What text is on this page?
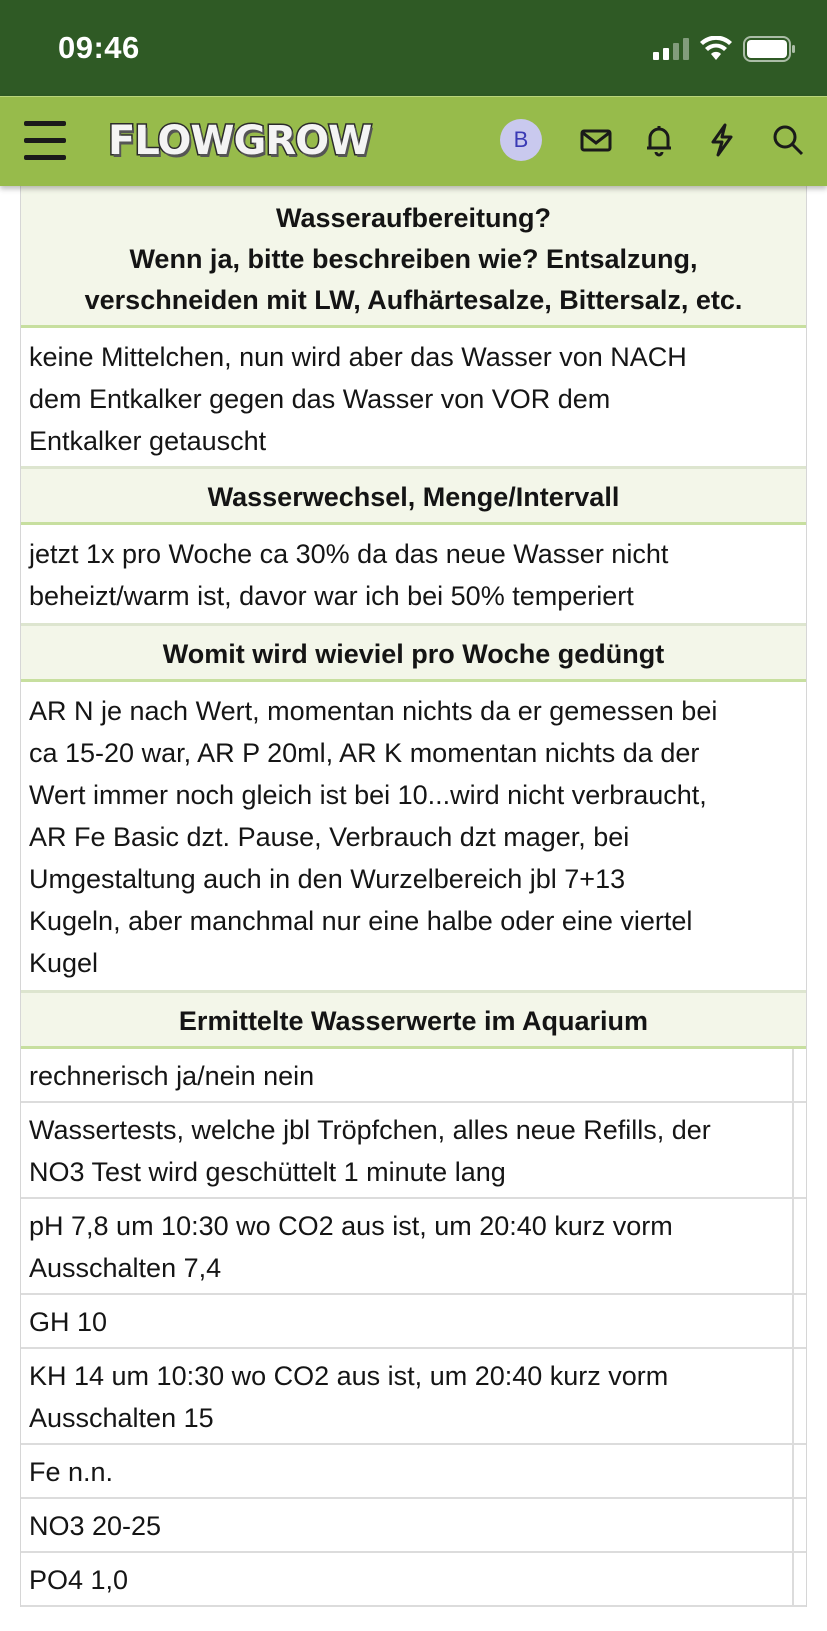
09:46
FLOWGROW	B
Wasseraufbereitung?
Wenn ja, bitte beschreiben wie? Entsalzung,
verschneiden mit LW, Aufhärtesalze, Bittersalz, etc.
keine Mittelchen, nun wird aber das Wasser von NACH
dem Entkalker gegen das Wasser von VOR dem
Entkalker getauscht
Wasserwechsel, Menge/Intervall
jetzt 1x pro Woche ca 30% da das neue Wasser nicht
beheizt/warm ist, davor war ich bei 50% temperiert
Womit wird wieviel pro Woche gedüngt
AR N je nach Wert, momentan nichts da er gemessen bei
ca 15-20 war, AR P 20ml, AR K momentan nichts da der
Wert immer noch gleich ist bei 10...wird nicht verbraucht,
AR Fe Basic dzt. Pause, Verbrauch dzt mager, bei
Umgestaltung auch in den Wurzelbereich jbl 7+13
Kugeln, aber manchmal nur eine halbe oder eine viertel
Kugel
Ermittelte Wasserwerte im Aquarium
rechnerisch ja/nein nein
Wassertests, welche jbl Tröpfchen, alles neue Refills, der
NO3 Test wird geschüttelt 1 minute lang
pH 7,8 um 10:30 wo CO2 aus ist, um 20:40 kurz vorm
Ausschalten 7,4
GH 10
KH 14 um 10:30 wo CO2 aus ist, um 20:40 kurz vorm
Ausschalten 15
Fe n.n.
NO3 20-25
PO4 1,0
